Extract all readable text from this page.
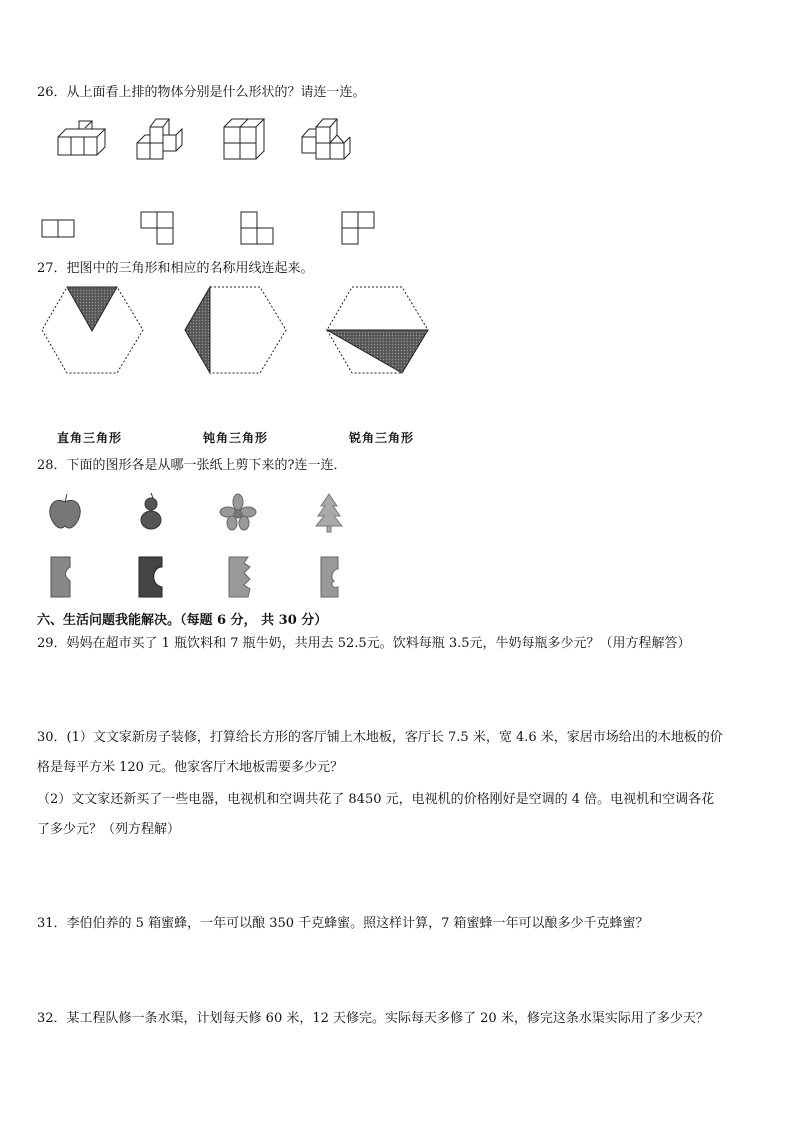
26．从上面看上排的物体分别是什么形状的？请连一连。
27．把图中的三角形和相应的名称用线连起来。
直角三角形	钝角三角形	锐角三角形
28．下面的图形各是从哪一张纸上剪下来的?连一连．
六、生活问题我能解决。（每题 6 分， 共 30 分）
29．妈妈在超市买了 1 瓶饮料和 7 瓶牛奶，共用去 52.5元。饮料每瓶 3.5元，牛奶每瓶多少元？（用方程解答）
30．(1）文文家新房子装修，打算给长方形的客厅铺上木地板，客厅长 7.5 米，宽 4.6 米，家居市场给出的木地板的价
格是每平方米 120 元。他家客厅木地板需要多少元？
（2）文文家还新买了一些电器，电视机和空调共花了 8450 元，电视机的价格刚好是空调的 4 倍。电视机和空调各花
了多少元？（列方程解）
31．李伯伯养的 5 箱蜜蜂，一年可以酿 350 千克蜂蜜。照这样计算，7 箱蜜蜂一年可以酿多少千克蜂蜜？
32．某工程队修一条水渠，计划每天修 60 米，12 天修完。实际每天多修了 20 米，修完这条水渠实际用了多少天？
